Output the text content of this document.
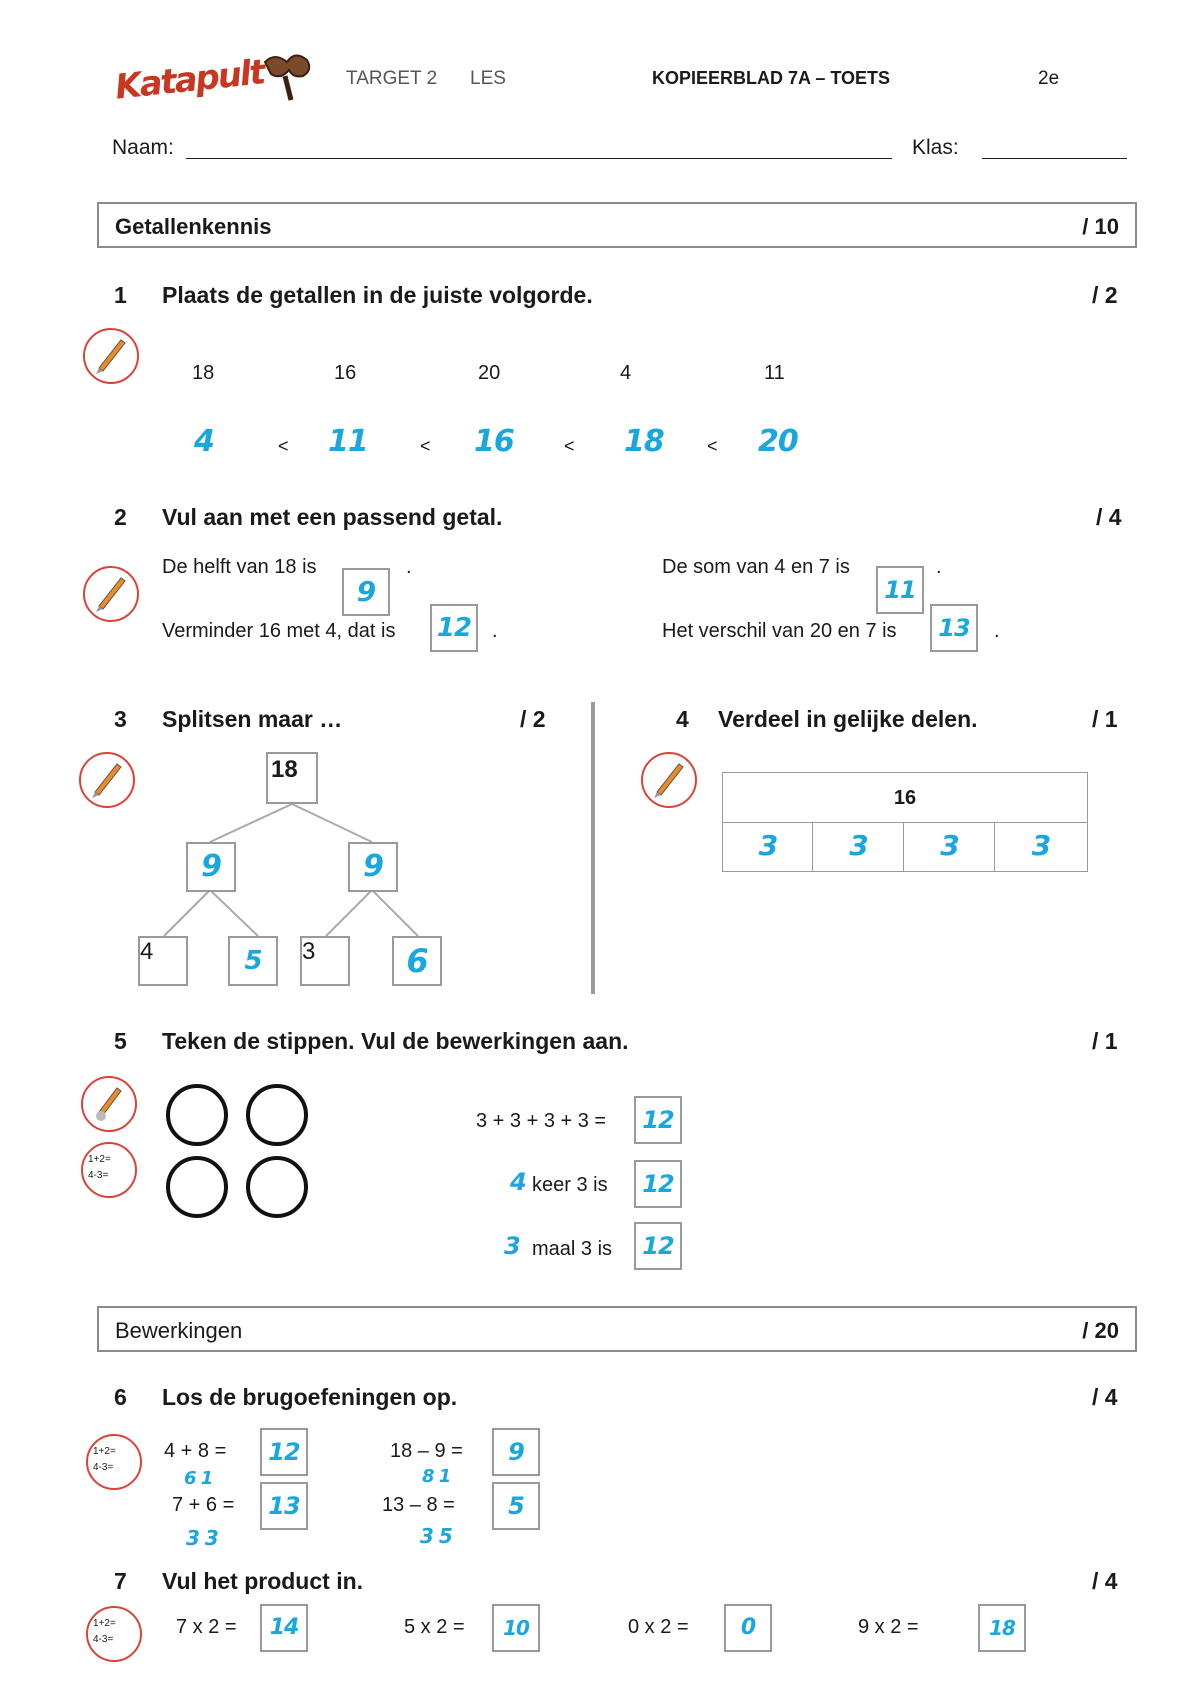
Katapult	TARGET 2 LES	KOPIEERBLAD 7A – TOETS	2e
Naam:	Klas:
Getallenkennis	/ 10
1 Plaats de getallen in de juiste volgorde.	/ 2
18	16	20	4	11
4	< 11	< 16	< 18 < 20
2 Vul aan met een passend getal.	/ 4
De helft van 18 is
9
.
Verminder 16 met 4, dat is 12 .
De som van 4 en 7 is
11
.
Het verschil van 20 en 7 is 13	.
3 Splitsen maar …	/ 2
18
9	9
4	5	3	6
4 Verdeel in gelijke delen.	/ 1
16
3	3	3	3
5 Teken de stippen. Vul de bewerkingen aan.	/ 1
1+2=
4-3=
3 + 3 + 3 + 3 = 12
4 keer 3 is 12
3 maal 3 is 12
Bewerkingen	/ 20
6 Los de brugoefeningen op.	/ 4
1+2=
4-3=
4 + 8 = 12
6 1
7 + 6 = 13
3 3
18 – 9 =	9
8 1
13 – 8 =	5
3 5
7 Vul het product in.	/ 4
1+2=
4-3=
7 x 2 =	14	5 x 2 =	10	0 x 2 =	0	9 x 2 =	18
